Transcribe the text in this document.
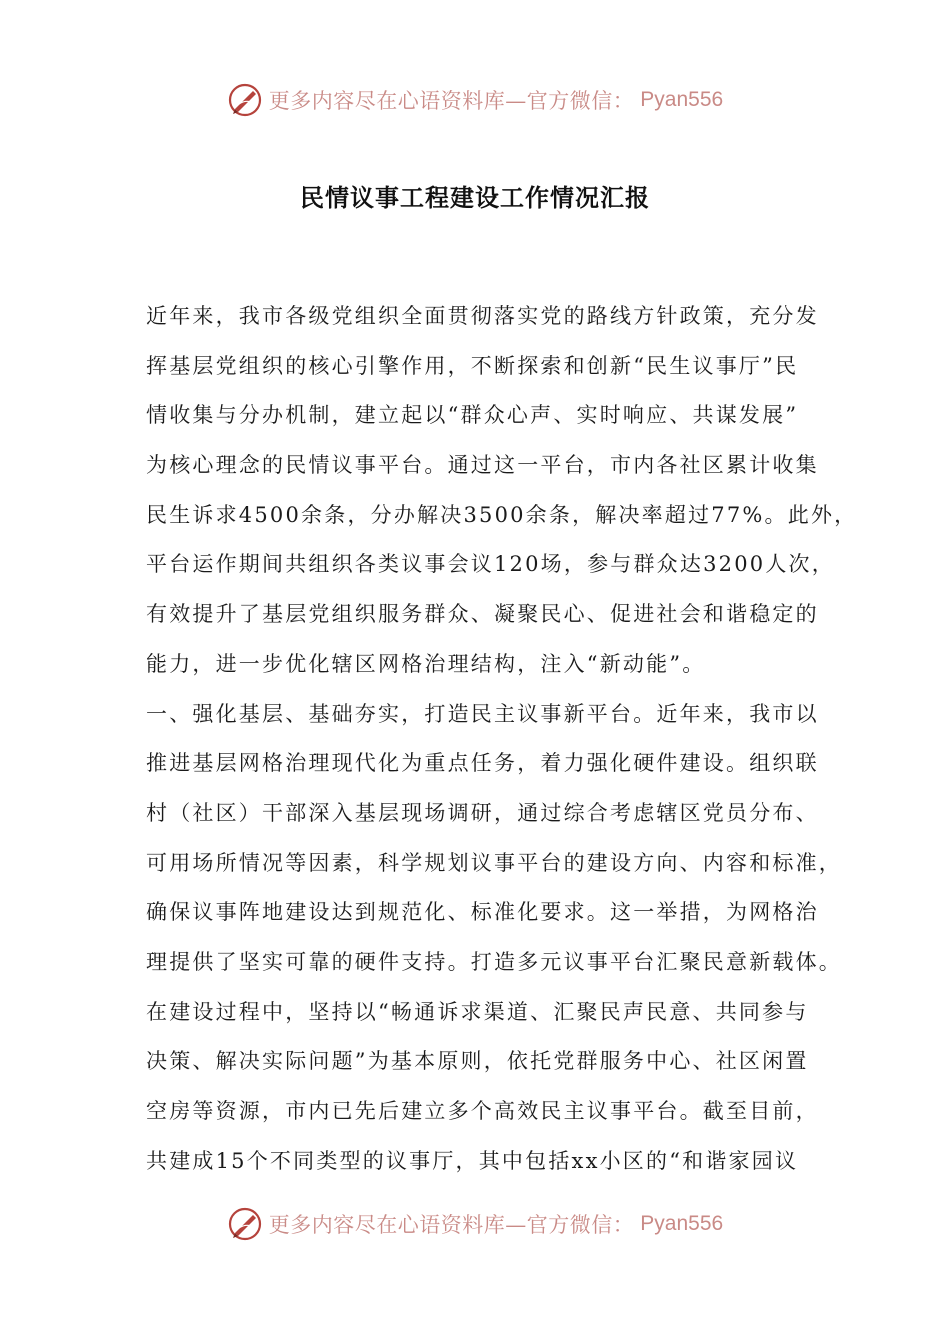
更多内容尽在心语资料库—官方微信： Pyan556
民情议事工程建设工作情况汇报
近年来，我市各级党组织全面贯彻落实党的路线方针政策，充分发
挥基层党组织的核心引擎作用，不断探索和创新“民生议事厅”民
情收集与分办机制，建立起以“群众心声、实时响应、共谋发展”
为核心理念的民情议事平台。通过这一平台，市内各社区累计收集
民生诉求4500余条，分办解决3500余条，解决率超过77%。此外，
平台运作期间共组织各类议事会议120场，参与群众达3200人次，
有效提升了基层党组织服务群众、凝聚民心、促进社会和谐稳定的
能力，进一步优化辖区网格治理结构，注入“新动能”。
一、强化基层、基础夯实，打造民主议事新平台。近年来，我市以
推进基层网格治理现代化为重点任务，着力强化硬件建设。组织联
村（社区）干部深入基层现场调研，通过综合考虑辖区党员分布、
可用场所情况等因素，科学规划议事平台的建设方向、内容和标准，
确保议事阵地建设达到规范化、标准化要求。这一举措，为网格治
理提供了坚实可靠的硬件支持。打造多元议事平台汇聚民意新载体。
在建设过程中，坚持以“畅通诉求渠道、汇聚民声民意、共同参与
决策、解决实际问题”为基本原则，依托党群服务中心、社区闲置
空房等资源，市内已先后建立多个高效民主议事平台。截至目前，
共建成15个不同类型的议事厅，其中包括xx小区的“和谐家园议
更多内容尽在心语资料库—官方微信： Pyan556
